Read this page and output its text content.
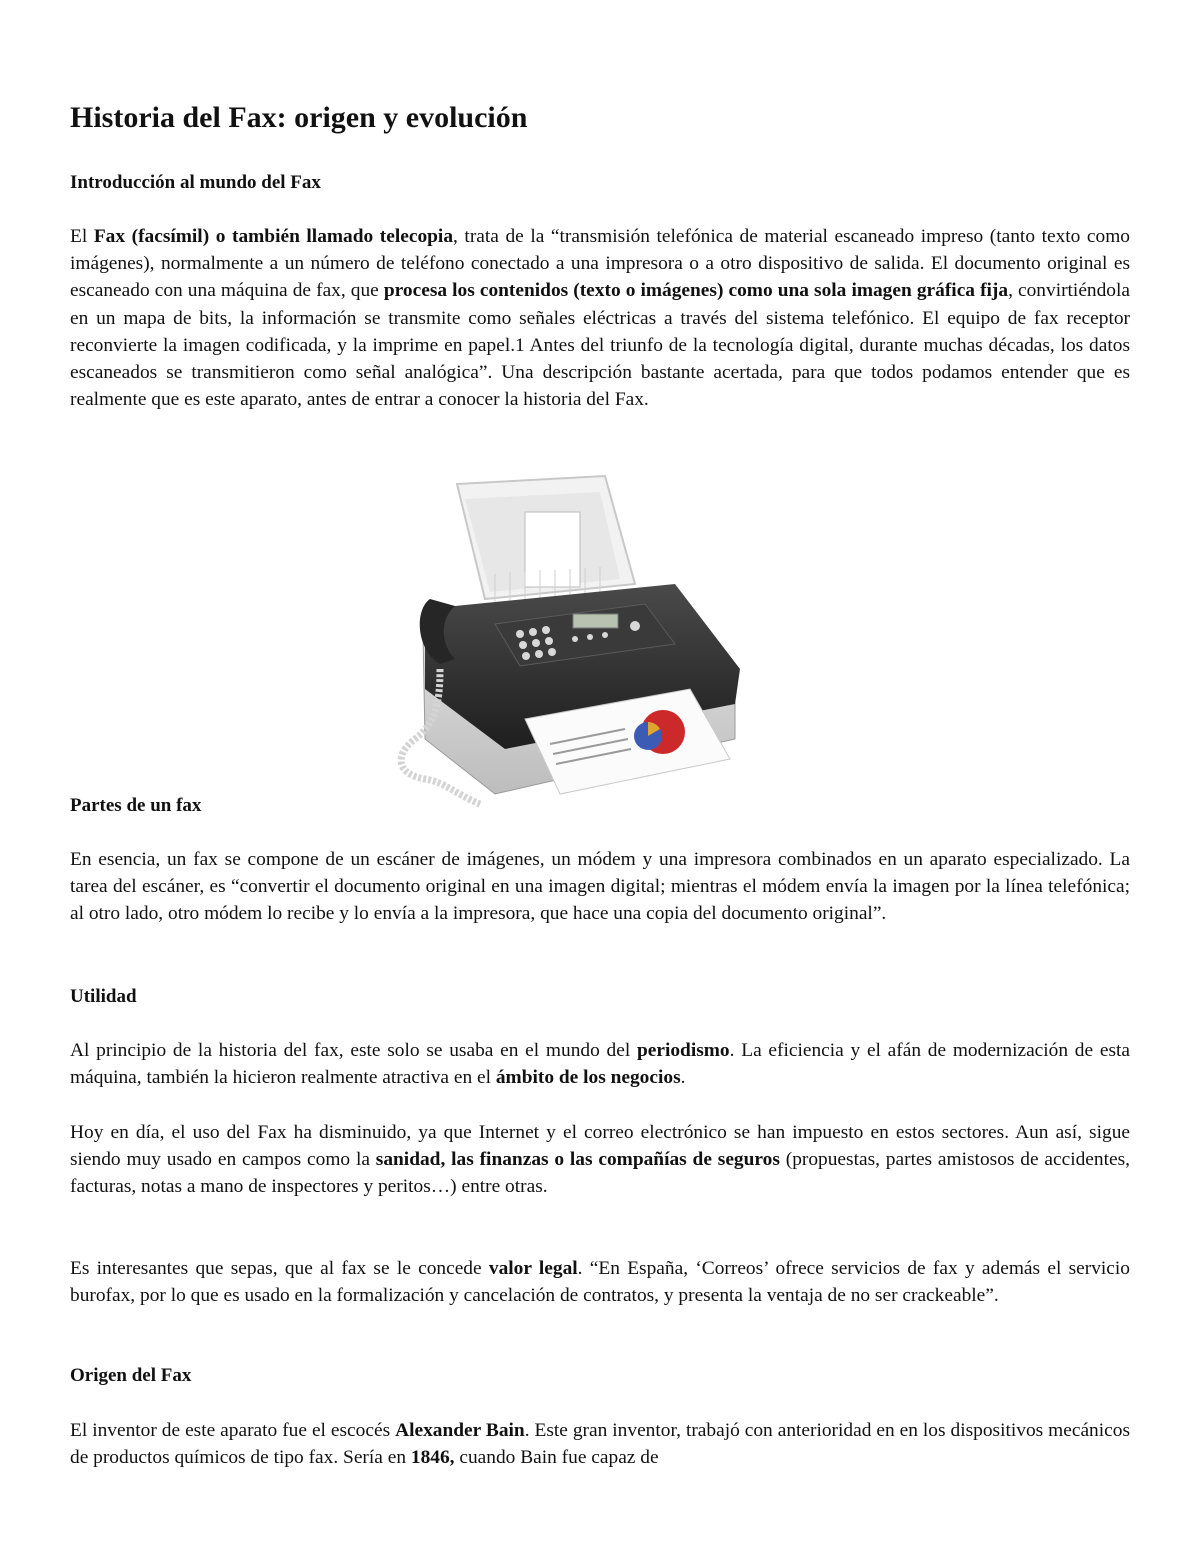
Historia del Fax: origen y evolución
Introducción al mundo del Fax

El Fax (facsímil) o también llamado telecopia, trata de la “transmisión telefónica de material escaneado impreso (tanto texto como imágenes), normalmente a un número de teléfono conectado a una impresora o a otro dispositivo de salida. El documento original es escaneado con una máquina de fax, que procesa los contenidos (texto o imágenes) como una sola imagen gráfica fija, convirtiéndola en un mapa de bits, la información se transmite como señales eléctricas a través del sistema telefónico. El equipo de fax receptor reconvierte la imagen codificada, y la imprime en papel.1 Antes del triunfo de la tecnología digital, durante muchas décadas, los datos escaneados se transmitieron como señal analógica”. Una descripción bastante acertada, para que todos podamos entender que es realmente que es este aparato, antes de entrar a conocer la historia del Fax.

Partes de un fax

En esencia, un fax se compone de un escáner de imágenes, un módem y una impresora combinados en un aparato especializado. La tarea del escáner, es “convertir el documento original en una imagen digital; mientras el módem envía la imagen por la línea telefónica; al otro lado, otro módem lo recibe y lo envía a la impresora, que hace una copia del documento original”.

Utilidad

Al principio de la historia del fax, este solo se usaba en el mundo del periodismo. La eficiencia y el afán de modernización de esta máquina, también la hicieron realmente atractiva en el ámbito de los negocios.

Hoy en día, el uso del Fax ha disminuido, ya que Internet y el correo electrónico se han impuesto en estos sectores. Aun así, sigue siendo muy usado en campos como la sanidad, las finanzas o las compañías de seguros (propuestas, partes amistosos de accidentes, facturas, notas a mano de inspectores y peritos…) entre otras.

Es interesantes que sepas, que al fax se le concede valor legal. “En España, ‘Correos’ ofrece servicios de fax y además el servicio burofax, por lo que es usado en la formalización y cancelación de contratos, y presenta la ventaja de no ser crackeable”.

Origen del Fax

El inventor de este aparato fue el escocés Alexander Bain. Este gran inventor, trabajó con anterioridad en en los dispositivos mecánicos de productos químicos de tipo fax. Sería en 1846, cuando Bain fue capaz de
